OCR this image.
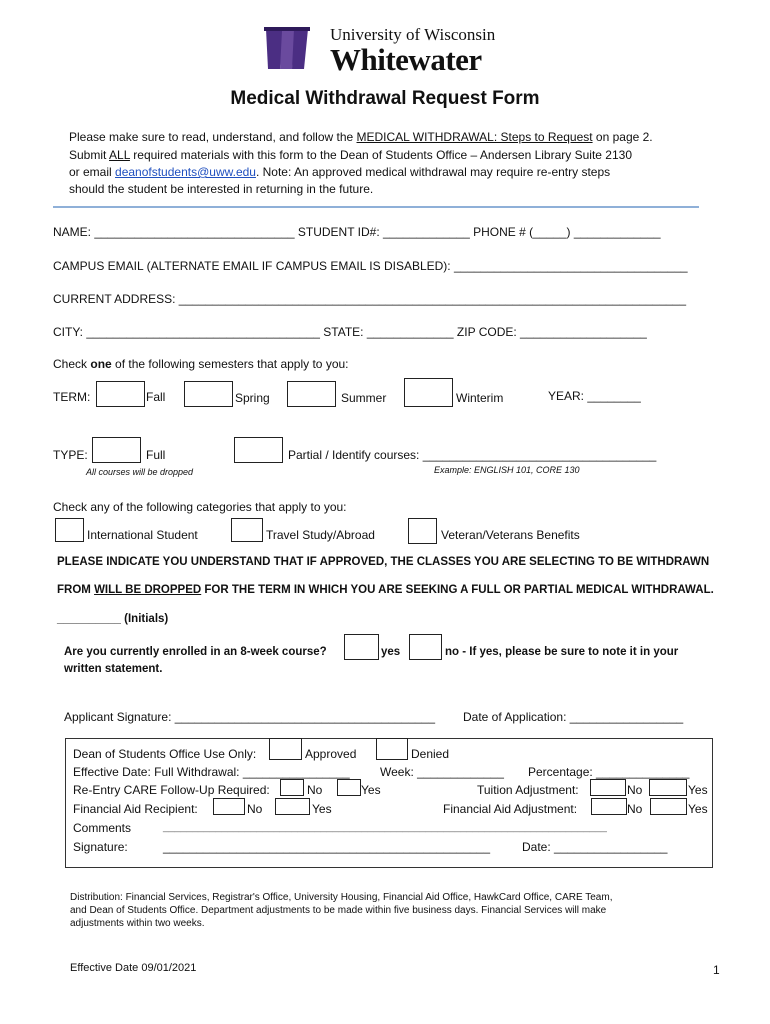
University of Wisconsin
Whitewater
Medical Withdrawal Request Form
Please make sure to read, understand, and follow the MEDICAL WITHDRAWAL: Steps to Request on page 2.
Submit ALL required materials with this form to the Dean of Students Office – Andersen Library Suite 2130
or email deanofstudents@uww.edu. Note: An approved medical withdrawal may require re-entry steps
should the student be interested in returning in the future.
NAME: ______________________________ STUDENT ID#: _____________ PHONE # (_____) _____________
CAMPUS EMAIL (ALTERNATE EMAIL IF CAMPUS EMAIL IS DISABLED): ___________________________________
CURRENT ADDRESS: ____________________________________________________________________________
CITY: ___________________________________ STATE: _____________ ZIP CODE: ___________________
Check one of the following semesters that apply to you:
TERM:	Fall	Spring	Summer	Winterim	YEAR: ________
TYPE:	Full
All courses will be dropped
Partial / Identify courses: ___________________________________
Example: ENGLISH 101, CORE 130
Check any of the following categories that apply to you:
International Student	Travel Study/Abroad	Veteran/Veterans Benefits
PLEASE INDICATE YOU UNDERSTAND THAT IF APPROVED, THE CLASSES YOU ARE SELECTING TO BE WITHDRAWN
FROM WILL BE DROPPED FOR THE TERM IN WHICH YOU ARE SEEKING A FULL OR PARTIAL MEDICAL WITHDRAWAL.
__________ (Initials)
Are you currently enrolled in an 8-week course?	yes	no - If yes, please be sure to note it in your
written statement.
Applicant Signature: _______________________________________ Date of Application: _________________
Dean of Students Office Use Only:	Approved	Denied
Effective Date: Full Withdrawal: ________________	Week: _____________ Percentage: ______________
Re-Entry CARE Follow-Up Required:	No	Yes	Tuition Adjustment:	No	Yes
Financial Aid Recipient:	No	Yes	Financial Aid Adjustment:	No	Yes
Comments	____________________________________________________________________________
Signature:	_________________________________________________	Date: _________________
Distribution: Financial Services, Registrar's Office, University Housing, Financial Aid Office, HawkCard Office, CARE Team,
and Dean of Students Office. Department adjustments to be made within five business days. Financial Services will make
adjustments within two weeks.
Effective Date 09/01/2021	1
